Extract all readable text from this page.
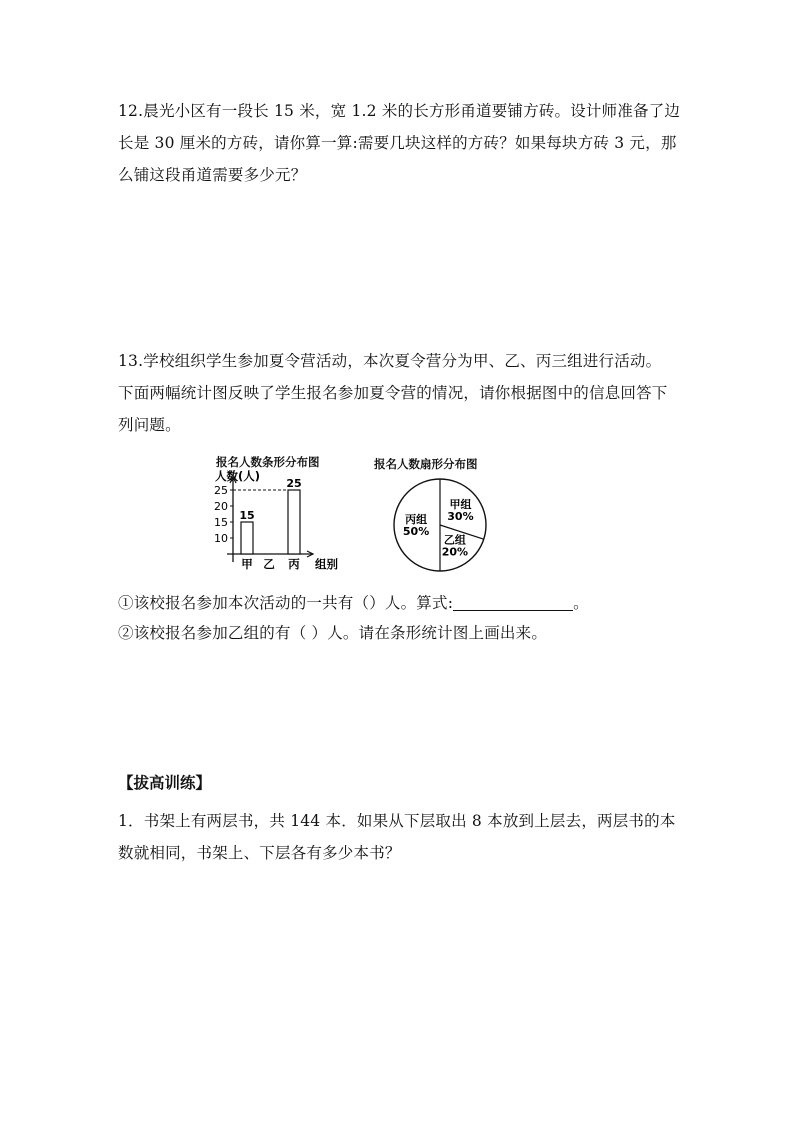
12.晨光小区有一段长 15 米，宽 1.2 米的长方形甬道要铺方砖。设计师准备了边
长是 30 厘米的方砖，请你算一算:需要几块这样的方砖？如果每块方砖 3 元，那
么铺这段甬道需要多少元？

13.学校组织学生参加夏令营活动，本次夏令营分为甲、乙、丙三组进行活动。
下面两幅统计图反映了学生报名参加夏令营的情况，请你根据图中的信息回答下
列问题。

报名人数条形分布图
人数(人)
组别
10
15
20
25
15
甲 乙
25
丙
报名人数扇形分布图
甲组
30%
乙组
20%
丙组
50%

①该校报名参加本次活动的一共有（）人。算式:	。

②该校报名参加乙组的有（ ）人。请在条形统计图上画出来。

【拔高训练】

1．书架上有两层书，共 144 本．如果从下层取出 8 本放到上层去，两层书的本
数就相同，书架上、下层各有多少本书？
